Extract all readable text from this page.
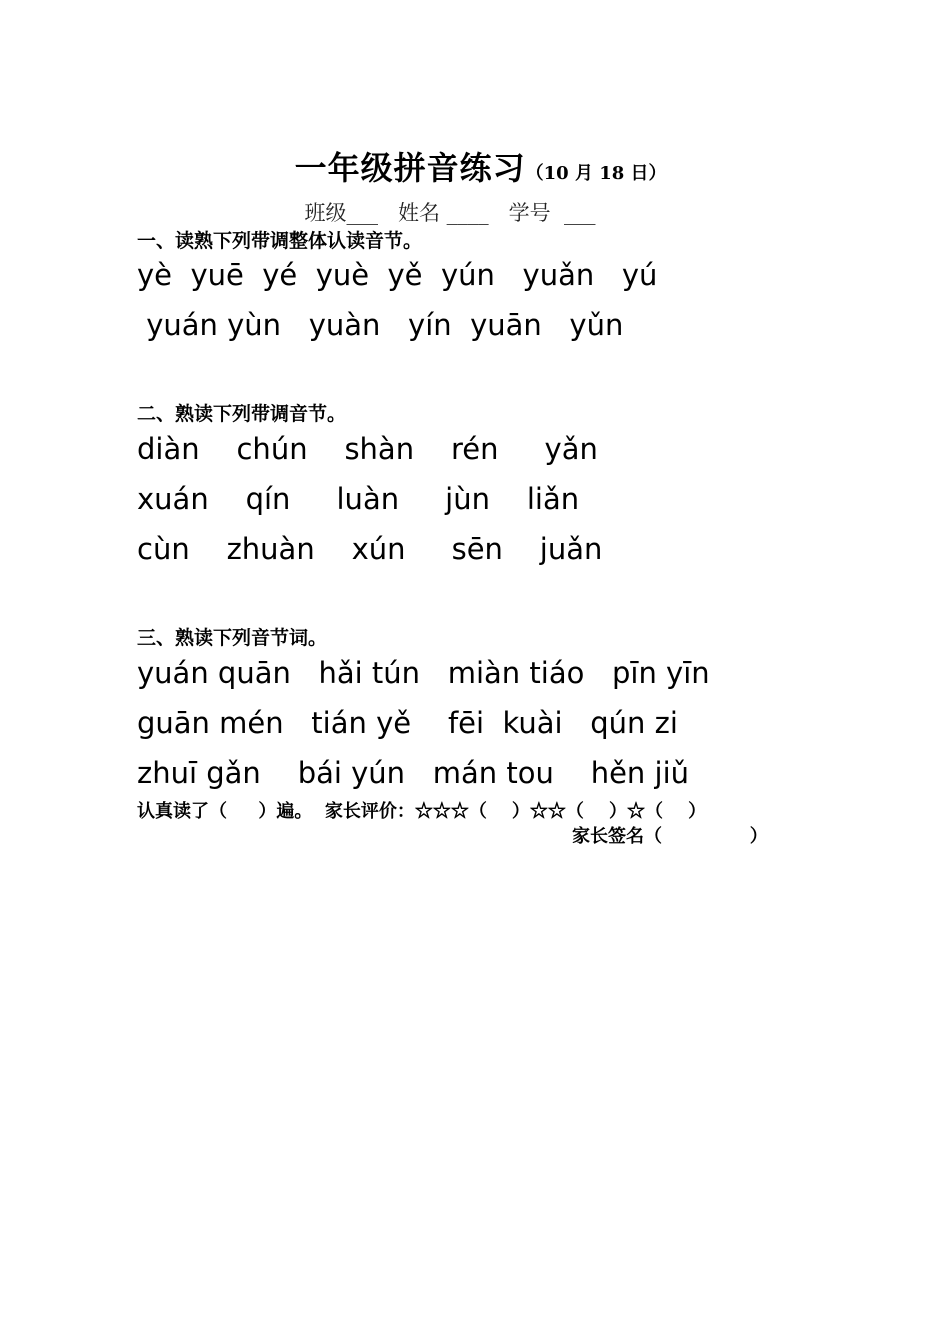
一年级拼音练习（10 月 18 日）

班级___   姓名 ____   学号  ___
一、读熟下列带调整体认读音节。
yè  yuē  yé  yuè  yě  yún   yuǎn   yú
yuán yùn   yuàn   yín  yuān   yǔn
二、熟读下列带调音节。
diàn    chún    shàn    rén     yǎn
xuán    qín     luàn     jùn    liǎn
cùn    zhuàn    xún     sēn    juǎn
三、熟读下列音节词。
yuán quān   hǎi tún   miàn tiáo   pīn yīn
guān mén   tián yě    fēi  kuài   qún zi
zhuī gǎn    bái yún   mán tou    hěn jiǔ
认真读了（     ）遍。  家长评价：☆☆☆（    ）☆☆（    ）☆（    ）
家长签名（              ）
